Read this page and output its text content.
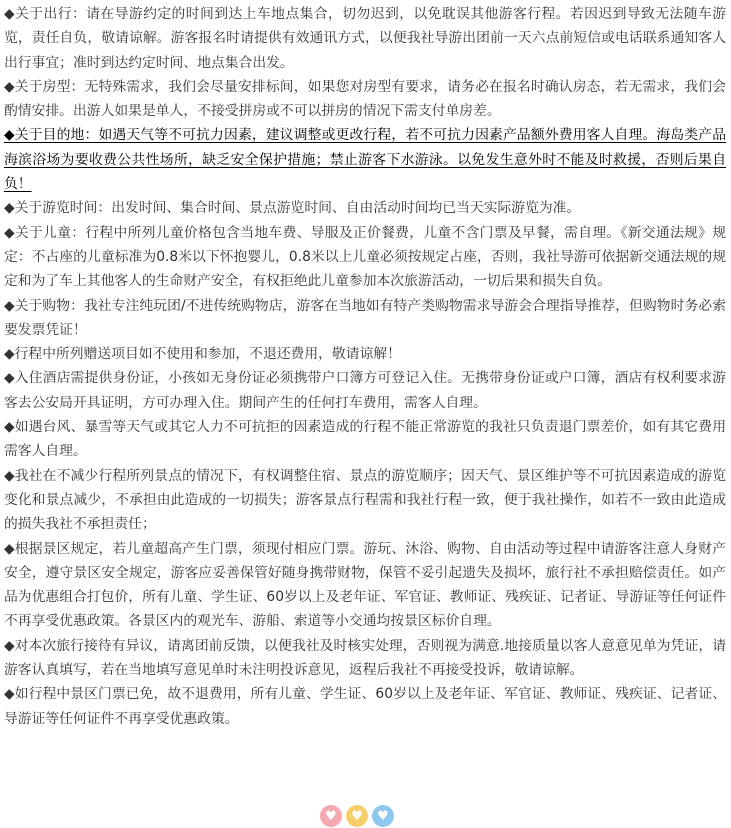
◆关于出行：请在导游约定的时间到达上车地点集合，切勿迟到，以免耽误其他游客行程。若因迟到导致无法随车游览，责任自负，敬请谅解。游客报名时请提供有效通讯方式，以便我社导游出团前一天六点前短信或电话联系通知客人出行事宜；准时到达约定时间、地点集合出发。

◆关于房型：无特殊需求，我们会尽量安排标间，如果您对房型有要求，请务必在报名时确认房态，若无需求，我们会酌情安排。出游人如果是单人，不接受拼房或不可以拼房的情况下需支付单房差。

◆关于目的地：如遇天气等不可抗力因素，建议调整或更改行程，若不可抗力因素产品额外费用客人自理。海岛类产品海滨浴场为要收费公共性场所，缺乏安全保护措施；禁止游客下水游泳。以免发生意外时不能及时救援，否则后果自负！

◆关于游览时间：出发时间、集合时间、景点游览时间、自由活动时间均已当天实际游览为准。

◆关于儿童：行程中所列儿童价格包含当地车费、导服及正价餐费，儿童不含门票及早餐，需自理。《新交通法规》规定：不占座的儿童标准为0.8米以下怀抱婴儿，0.8米以上儿童必须按规定占座，否则，我社导游可依据新交通法规的规定和为了车上其他客人的生命财产安全，有权拒绝此儿童参加本次旅游活动，一切后果和损失自负。

◆关于购物：我社专注纯玩团/不进传统购物店，游客在当地如有特产类购物需求导游会合理指导推荐，但购物时务必索要发票凭证！

◆行程中所列赠送项目如不使用和参加，不退还费用，敬请谅解！

◆入住酒店需提供身份证，小孩如无身份证必须携带户口簿方可登记入住。无携带身份证或户口簿，酒店有权利要求游客去公安局开具证明，方可办理入住。期间产生的任何打车费用，需客人自理。

◆如遇台风、暴雪等天气或其它人力不可抗拒的因素造成的行程不能正常游览的我社只负责退门票差价，如有其它费用需客人自理。

◆我社在不减少行程所列景点的情况下，有权调整住宿、景点的游览顺序；因天气、景区维护等不可抗因素造成的游览变化和景点减少，不承担由此造成的一切损失；游客景点行程需和我社行程一致，便于我社操作，如若不一致由此造成的损失我社不承担责任；

◆根据景区规定，若儿童超高产生门票，须现付相应门票。游玩、沐浴、购物、自由活动等过程中请游客注意人身财产安全，遵守景区安全规定，游客应妥善保管好随身携带财物，保管不妥引起遗失及损坏，旅行社不承担赔偿责任。如产品为优惠组合打包价，所有儿童、学生证、60岁以上及老年证、军官证、教师证、残疾证、记者证、导游证等任何证件不再享受优惠政策。各景区内的观光车、游船、索道等小交通均按景区标价自理。

◆对本次旅行接待有异议，请离团前反馈，以便我社及时核实处理，否则视为满意.地接质量以客人意意见单为凭证，请游客认真填写，若在当地填写意见单时未注明投诉意见，返程后我社不再接受投诉，敬请谅解。

◆如行程中景区门票已免，故不退费用，所有儿童、学生证、60岁以上及老年证、军官证、教师证、残疾证、记者证、导游证等任何证件不再享受优惠政策。

♥	♥	♥
